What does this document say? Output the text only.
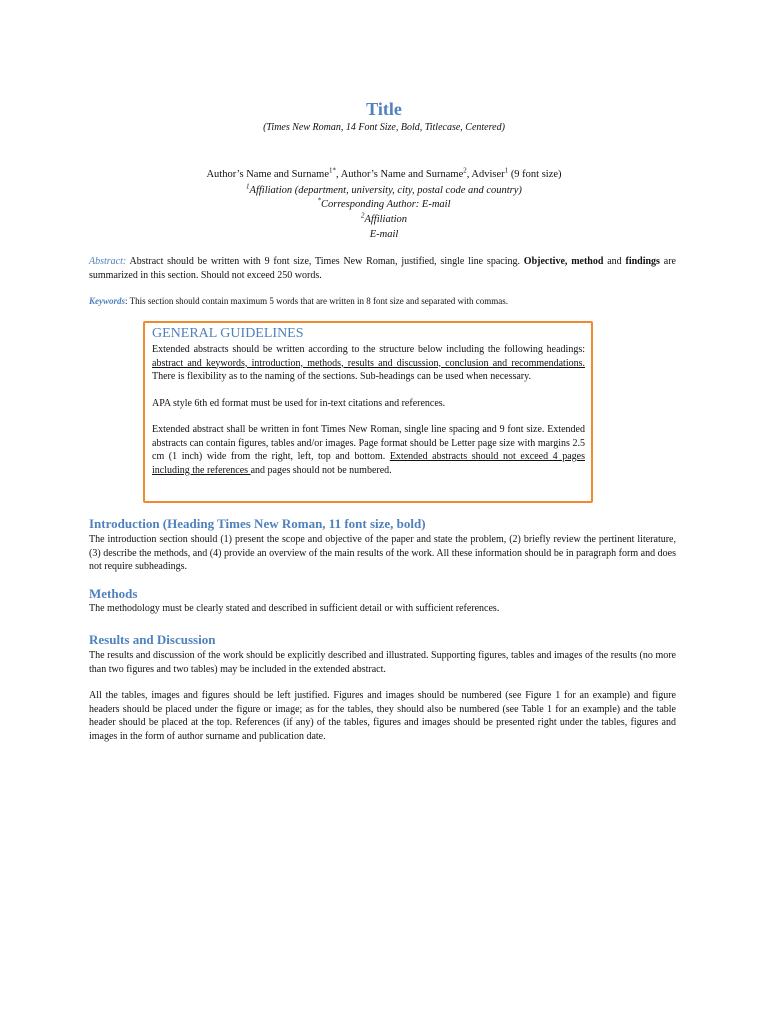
Title
(Times New Roman, 14 Font Size, Bold, Titlecase, Centered)
Author’s Name and Surname$^{1*}$, Author’s Name and Surname$^2$, Adviser$^1$ (9 font size)
$^1$Affiliation (department, university, city, postal code and country)
*Corresponding Author: E-mail
$^2$Affiliation
E-mail
Abstract: Abstract should be written with 9 font size, Times New Roman, justified, single line spacing. Objective, method and findings are summarized in this section. Should not exceed 250 words.
Keywords: This section should contain maximum 5 words that are written in 8 font size and separated with commas.

GENERAL GUIDELINES

Extended abstracts should be written according to the structure below including the following headings: abstract and keywords, introduction, methods, results and discussion, conclusion and recommendations. There is flexibility as to the naming of the sections. Sub-headings can be used when necessary.

APA style 6th ed format must be used for in-text citations and references.

Extended abstract shall be written in font Times New Roman, single line spacing and 9 font size. Extended abstracts can contain figures, tables and/or images. Page format should be Letter page size with margins 2.5 cm (1 inch) wide from the right, left, top and bottom. Extended abstracts should not exceed 4 pages including the references and pages should not be numbered.

Introduction (Heading Times New Roman, 11 font size, bold)
The introduction section should (1) present the scope and objective of the paper and state the problem, (2) briefly review the pertinent literature, (3) describe the methods, and (4) provide an overview of the main results of the work. All these information should be in paragraph form and does not require subheadings.
Methods
The methodology must be clearly stated and described in sufficient detail or with sufficient references.
Results and Discussion
The results and discussion of the work should be explicitly described and illustrated. Supporting figures, tables and images of the results (no more than two figures and two tables) may be included in the extended abstract.
All the tables, images and figures should be left justified. Figures and images should be numbered (see Figure 1 for an example) and figure headers should be placed under the figure or image; as for the tables, they should also be numbered (see Table 1 for an example) and the table header should be placed at the top. References (if any) of the tables, figures and images should be presented right under the tables, figures and images in the form of author surname and publication date.
